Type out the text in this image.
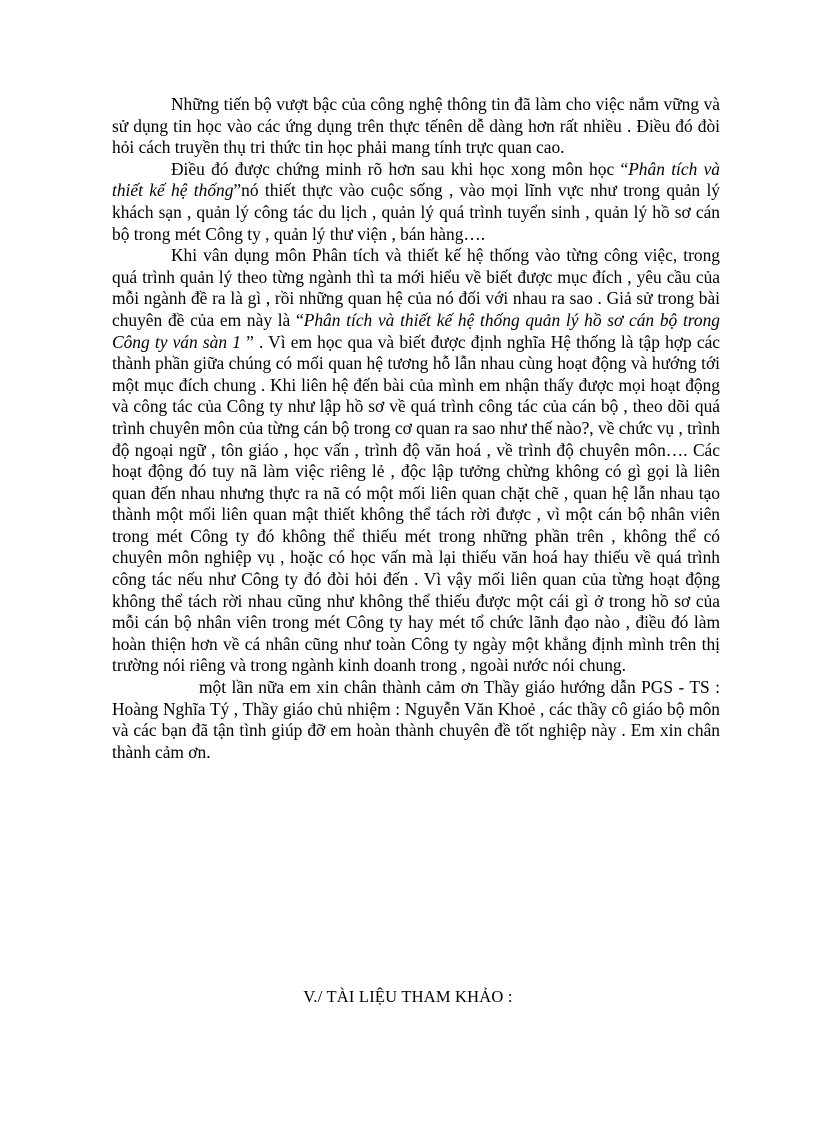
Những tiến bộ vượt bậc của công nghệ thông tin đã làm cho việc nắm vững và sử dụng tin học vào các ứng dụng trên thực tếnên dễ dàng hơn rất nhiều . Điều đó đòi hỏi cách truyền thụ tri thức tin học phải mang tính trực quan cao.

Điều đó được chứng minh rõ hơn sau khi học xong môn học “Phân tích và thiết kế hệ thống”nó thiết thực vào cuộc sống , vào mọi lĩnh vực như trong quản lý khách sạn , quản lý công tác du lịch , quản lý quá trình tuyển sinh , quản lý hồ sơ cán bộ trong mét Công ty , quản lý thư viện , bán hàng….

Khi vân dụng môn Phân tích và thiết kế hệ thống vào từng công việc, trong quá trình quản lý theo từng ngành thì ta mới hiểu về biết được mục đích , yêu cầu của mỗi ngành đề ra là gì , rồi những quan hệ của nó đối với nhau ra sao . Giả sử trong bài chuyên đề của em này là “Phân tích và thiết kế hệ thống quản lý hồ sơ cán bộ trong Công ty ván sàn 1 ” . Vì em học qua và biết được định nghĩa Hệ thống là tập hợp các thành phần giữa chúng có mối quan hệ tương hỗ lẫn nhau cùng hoạt động và hướng tới một mục đích chung . Khi liên hệ đến bài của mình em nhận thấy được mọi hoạt động và công tác của Công ty như lập hồ sơ về quá trình công tác của cán bộ , theo dõi quá trình chuyên môn của từng cán bộ trong cơ quan ra sao như thế nào?, về chức vụ , trình độ ngoại ngữ , tôn giáo , học vấn , trình độ văn hoá , về trình độ chuyên môn…. Các hoạt động đó tuy nã làm việc riêng lẻ , độc lập tưởng chừng không có gì gọi là liên quan đến nhau nhưng thực ra nã có một mối liên quan chặt chẽ , quan hệ lẫn nhau tạo thành một mối liên quan mật thiết không thể tách rời được , vì một cán bộ nhân viên trong mét Công ty đó không thể thiếu mét trong những phần trên , không thể có chuyên môn nghiệp vụ , hoặc có học vấn mà lại thiếu văn hoá hay thiếu về quá trình công tác nếu như Công ty đó đòi hỏi đến . Vì vậy mối liên quan của từng hoạt động không thể tách rời nhau cũng như không thể thiếu được một cái gì ở trong hồ sơ của mỗi cán bộ nhân viên trong mét Công ty hay mét tổ chức lãnh đạo nào , điều đó làm hoàn thiện hơn về cá nhân cũng như toàn Công ty ngày một khẳng định mình trên thị trường nói riêng và trong ngành kinh doanh trong , ngoài nước nói chung.

một lần nữa em xin chân thành cảm ơn Thầy giáo hướng dẫn PGS - TS : Hoàng Nghĩa Tý , Thầy giáo chủ nhiệm : Nguyễn Văn Khoẻ , các thầy cô giáo bộ môn và các bạn đã tận tình giúp đỡ em hoàn thành chuyên đề tốt nghiệp này . Em xin chân thành cảm ơn.

V./ TÀI LIỆU THAM KHẢO :
